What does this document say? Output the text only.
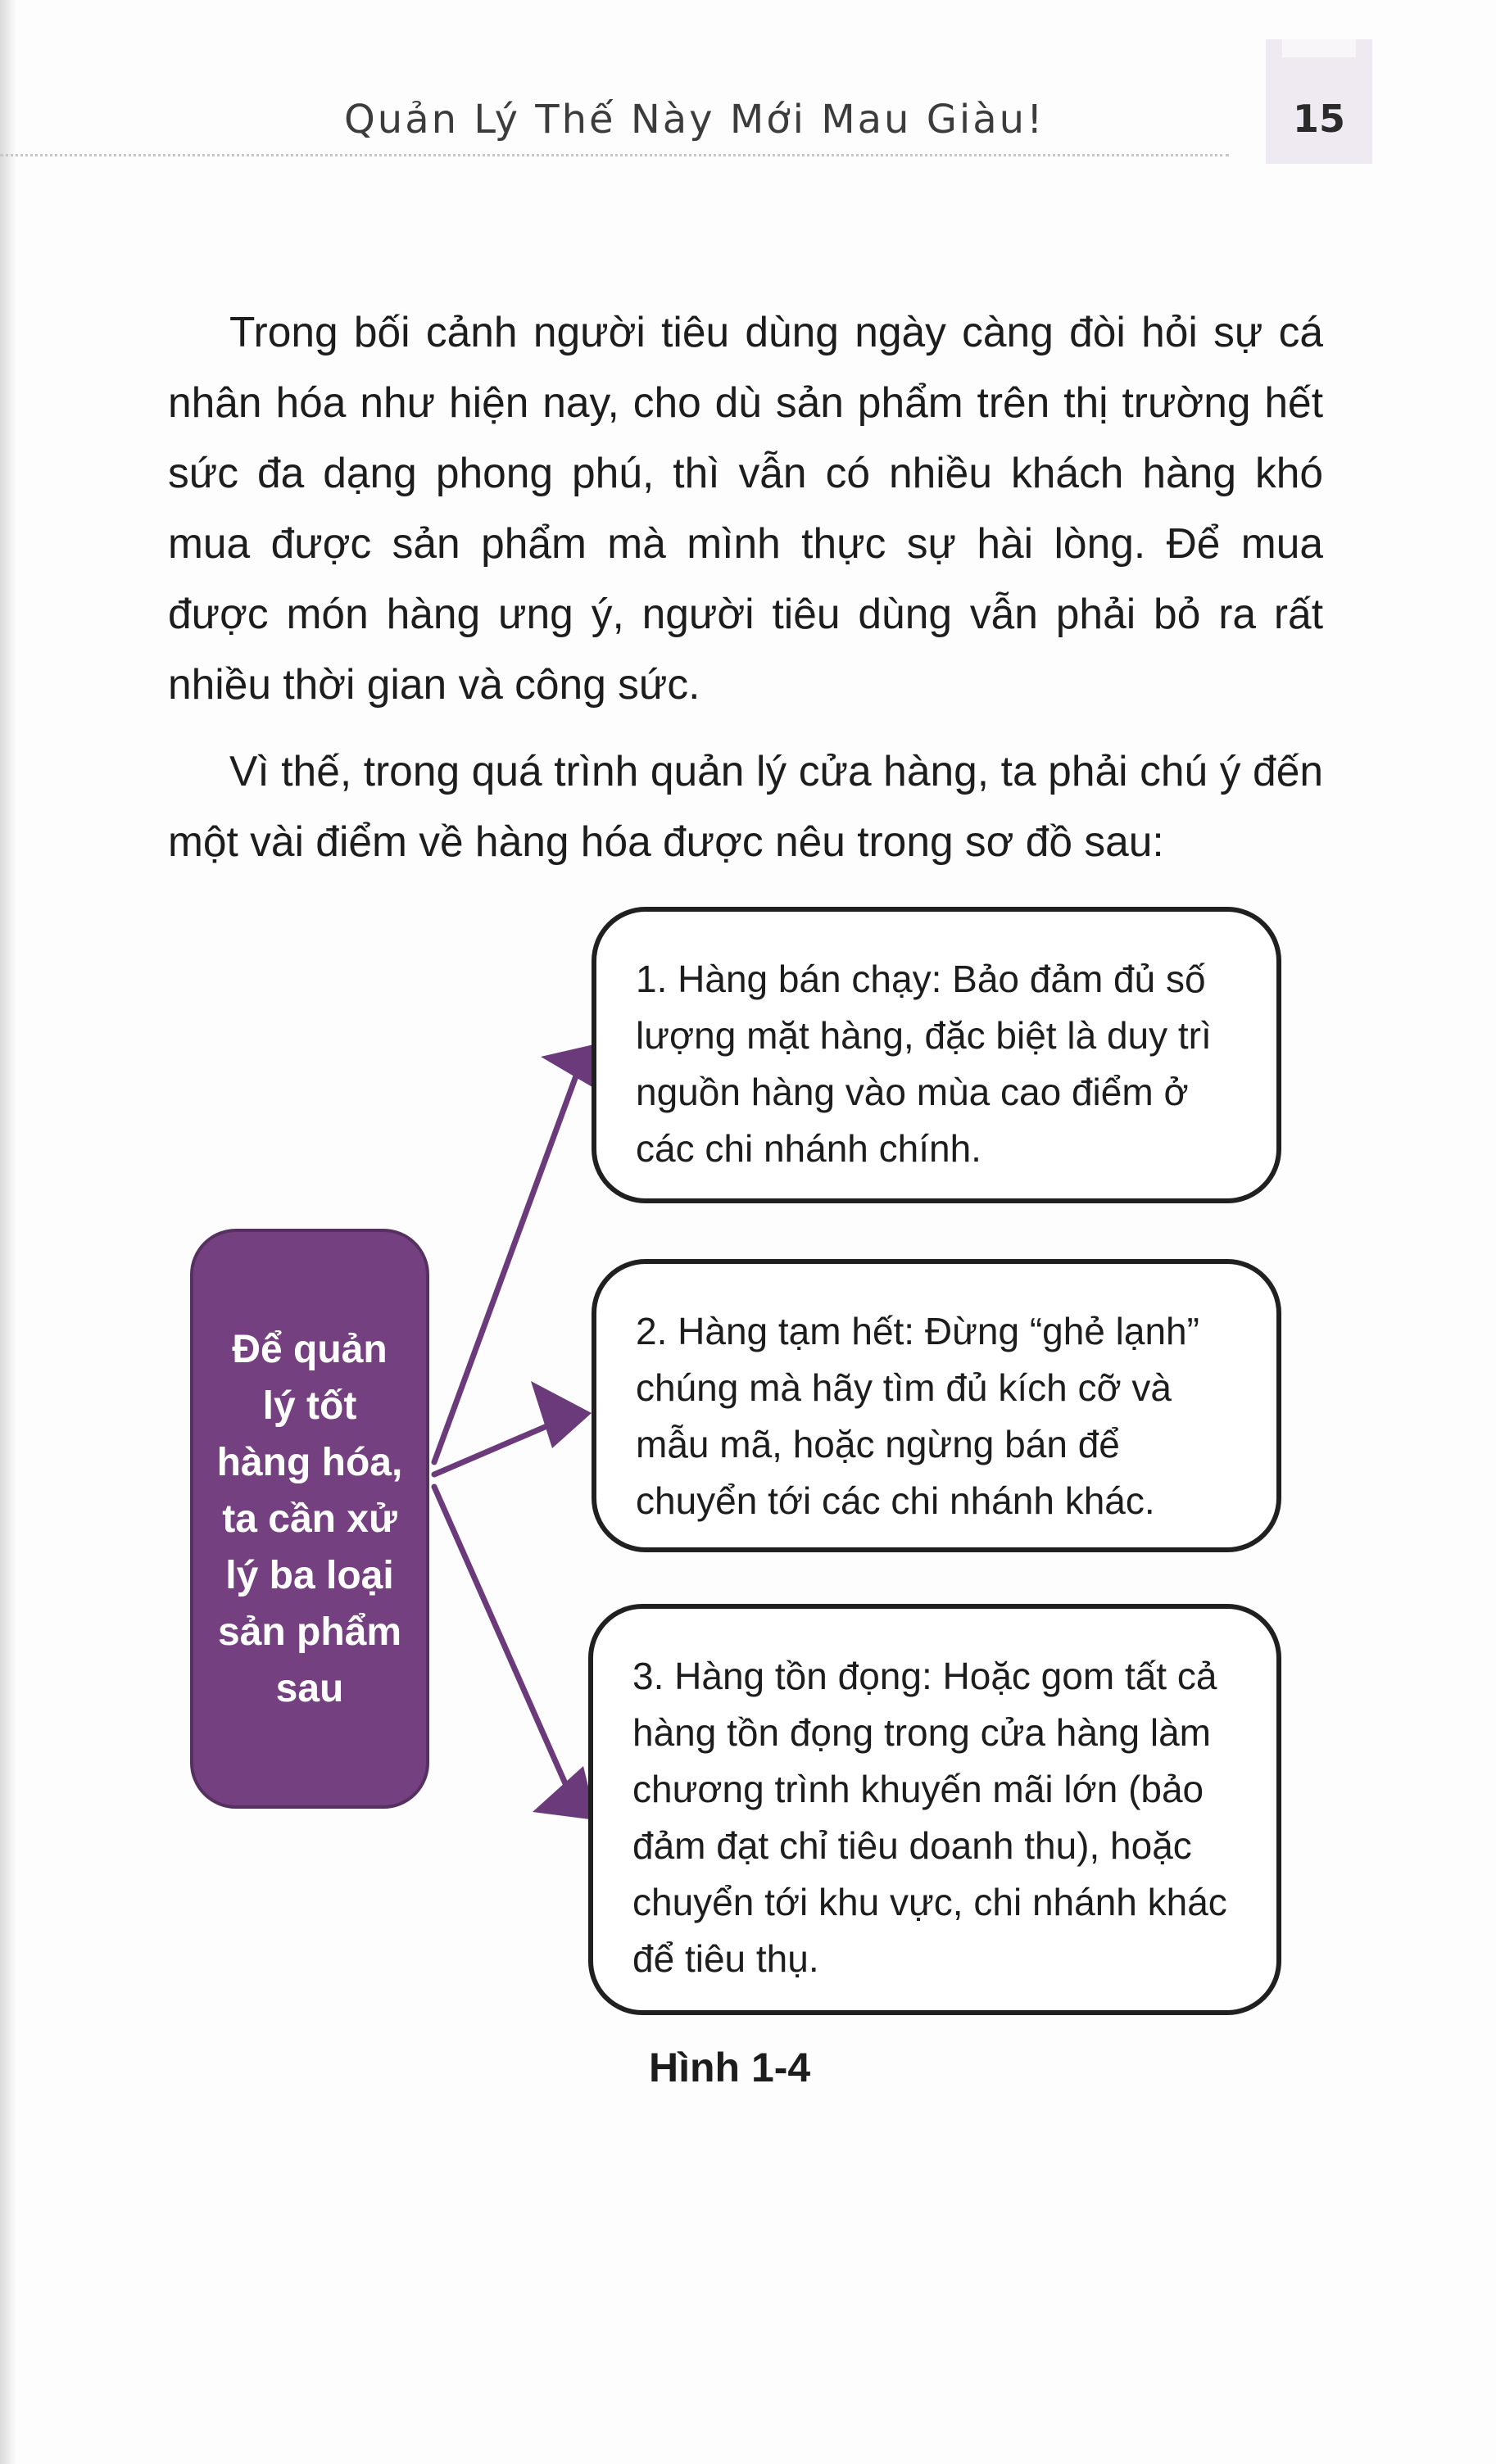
15
Quản Lý Thế Này Mới Mau Giàu!

Trong bối cảnh người tiêu dùng ngày càng đòi hỏi sự cá nhân hóa như hiện nay, cho dù sản phẩm trên thị trường hết sức đa dạng phong phú, thì vẫn có nhiều khách hàng khó mua được sản phẩm mà mình thực sự hài lòng. Để mua được món hàng ưng ý, người tiêu dùng vẫn phải bỏ ra rất nhiều thời gian và công sức.

Vì thế, trong quá trình quản lý cửa hàng, ta phải chú ý đến một vài điểm về hàng hóa được nêu trong sơ đồ sau:

Để quản lý tốt hàng hóa, ta cần xử lý ba loại sản phẩm sau
1. Hàng bán chạy: Bảo đảm đủ số lượng mặt hàng, đặc biệt là duy trì nguồn hàng vào mùa cao điểm ở các chi nhánh chính.
2. Hàng tạm hết: Đừng “ghẻ lạnh” chúng mà hãy tìm đủ kích cỡ và mẫu mã, hoặc ngừng bán để chuyển tới các chi nhánh khác.
3. Hàng tồn đọng: Hoặc gom tất cả hàng tồn đọng trong cửa hàng làm chương trình khuyến mãi lớn (bảo đảm đạt chỉ tiêu doanh thu), hoặc chuyển tới khu vực, chi nhánh khác để tiêu thụ.
Hình 1-4
